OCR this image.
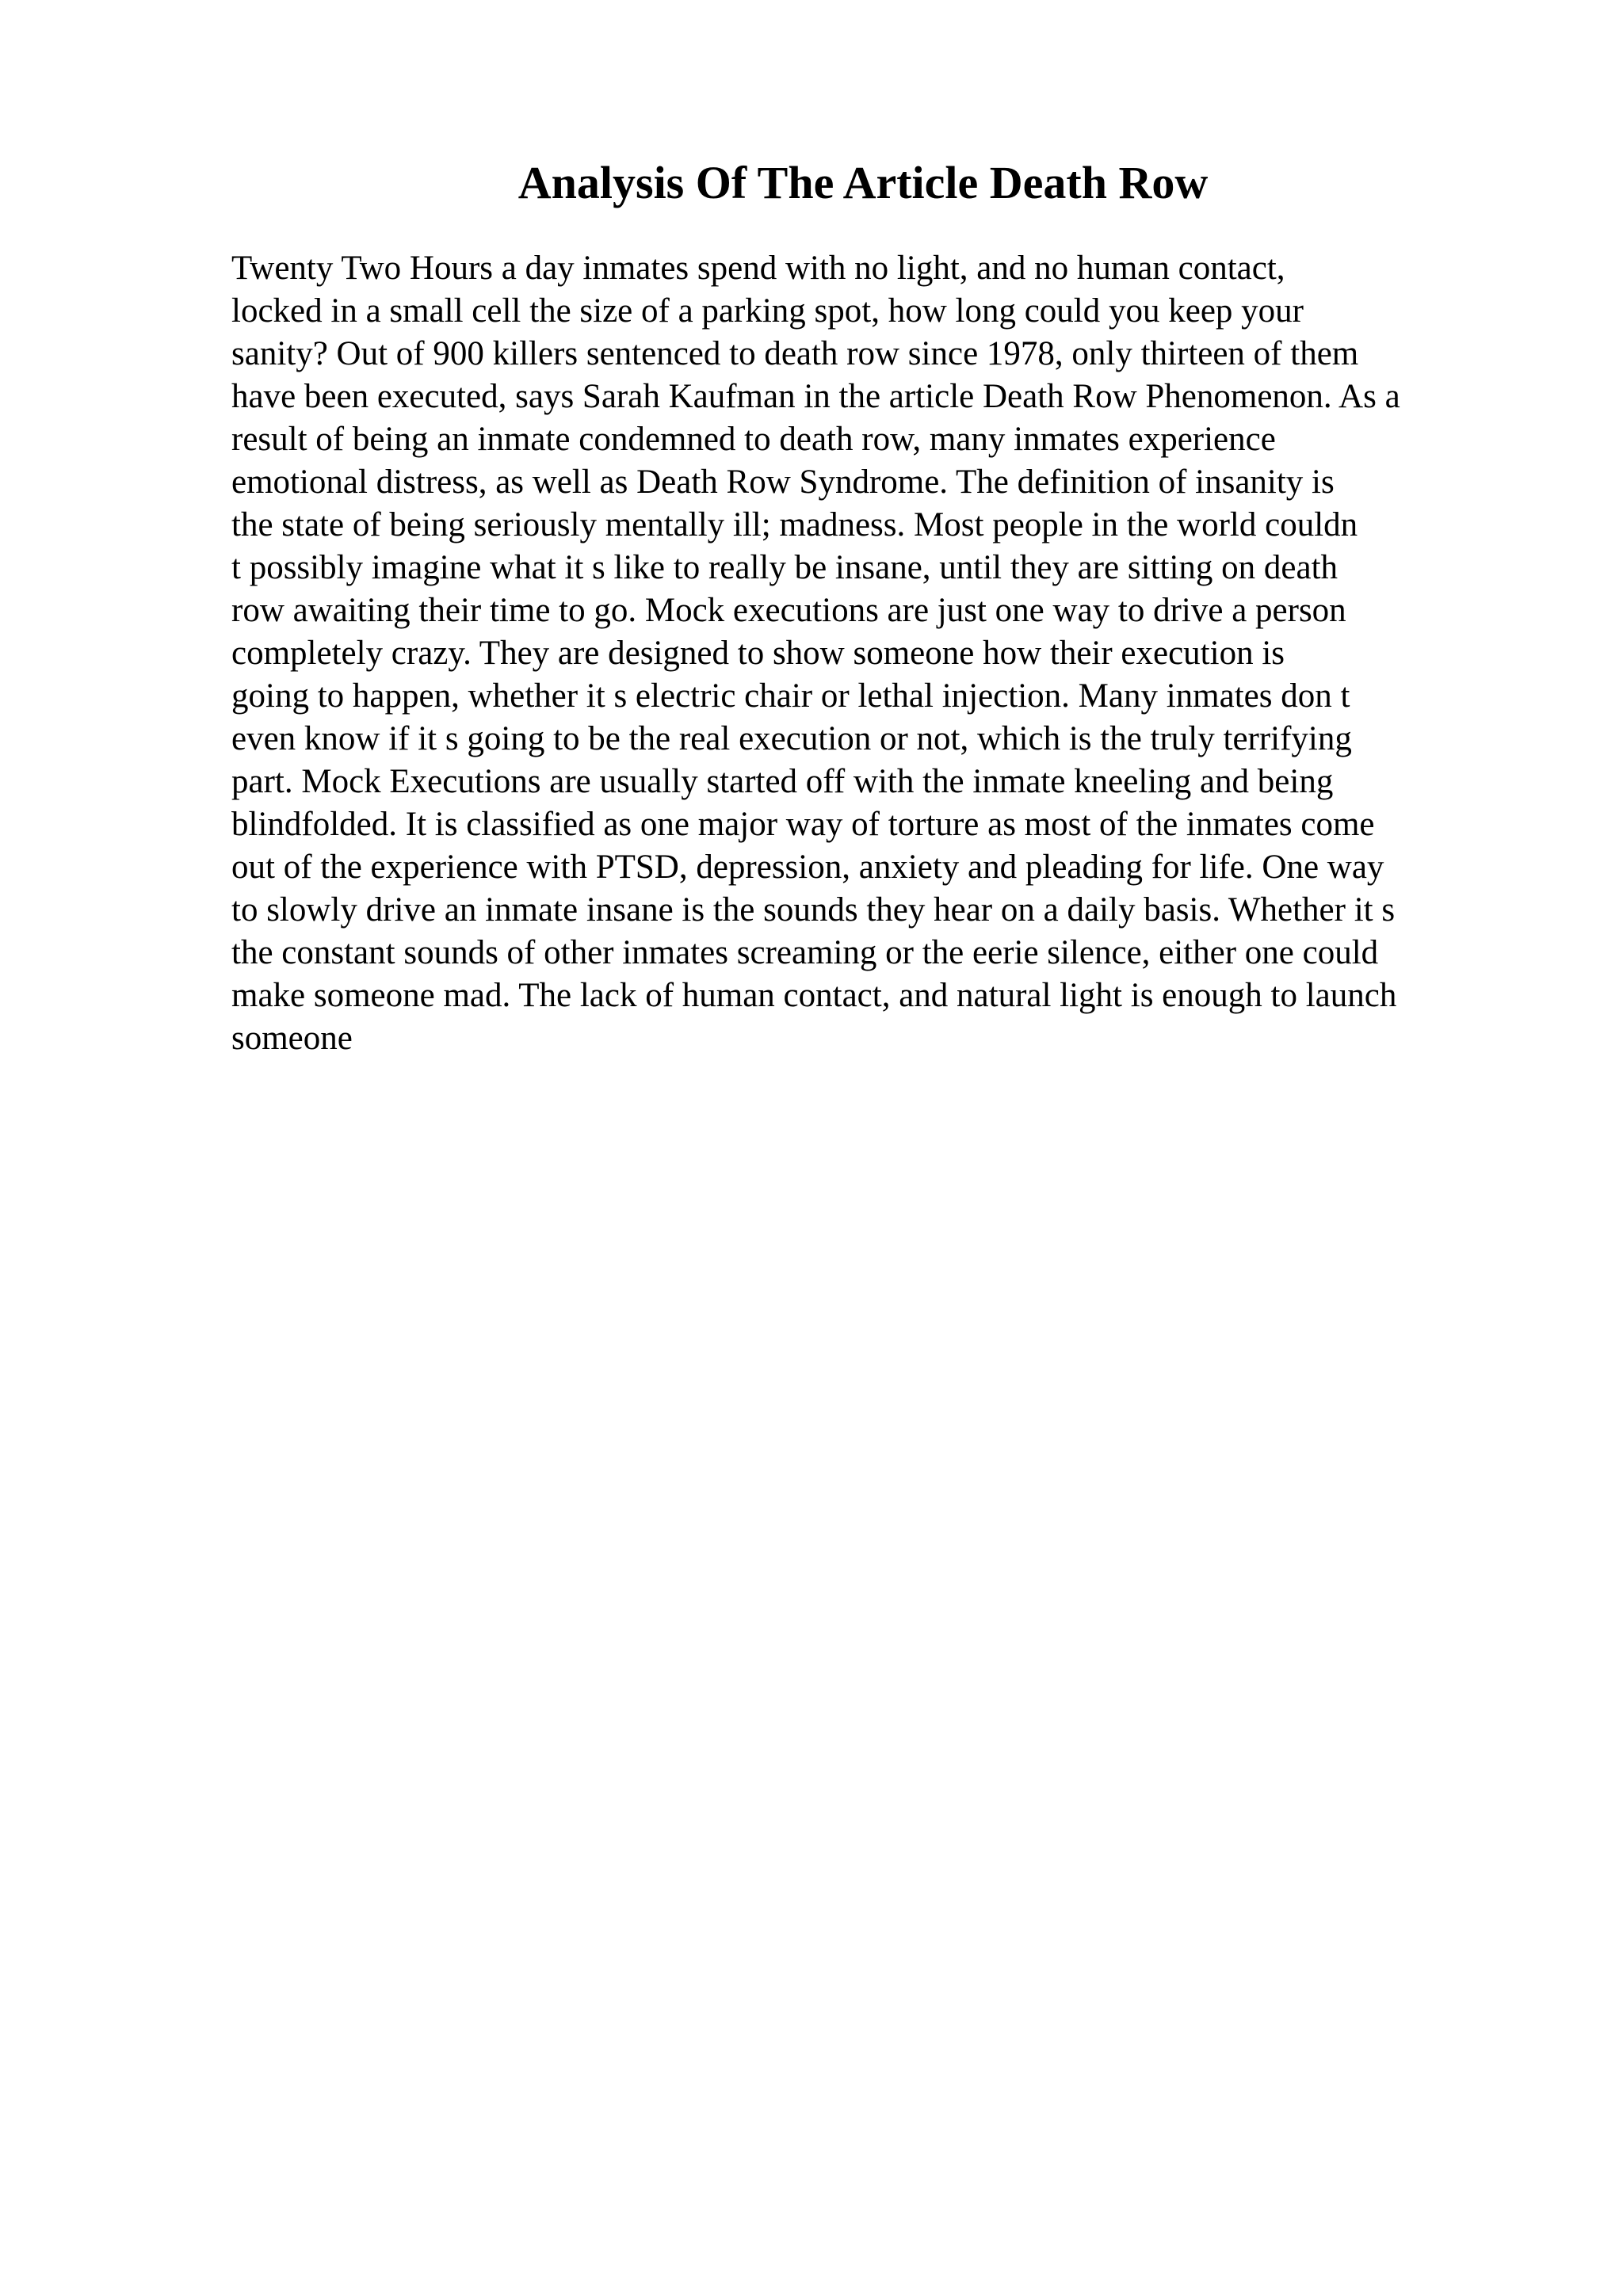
Analysis Of The Article Death Row
Twenty Two Hours a day inmates spend with no light, and no human contact,
locked in a small cell the size of a parking spot, how long could you keep your
sanity? Out of 900 killers sentenced to death row since 1978, only thirteen of them
have been executed, says Sarah Kaufman in the article Death Row Phenomenon. As a
result of being an inmate condemned to death row, many inmates experience
emotional distress, as well as Death Row Syndrome. The definition of insanity is
the state of being seriously mentally ill; madness. Most people in the world couldn
t possibly imagine what it s like to really be insane, until they are sitting on death
row awaiting their time to go. Mock executions are just one way to drive a person
completely crazy. They are designed to show someone how their execution is
going to happen, whether it s electric chair or lethal injection. Many inmates don t
even know if it s going to be the real execution or not, which is the truly terrifying
part. Mock Executions are usually started off with the inmate kneeling and being
blindfolded. It is classified as one major way of torture as most of the inmates come
out of the experience with PTSD, depression, anxiety and pleading for life. One way
to slowly drive an inmate insane is the sounds they hear on a daily basis. Whether it s
the constant sounds of other inmates screaming or the eerie silence, either one could
make someone mad. The lack of human contact, and natural light is enough to launch
someone
